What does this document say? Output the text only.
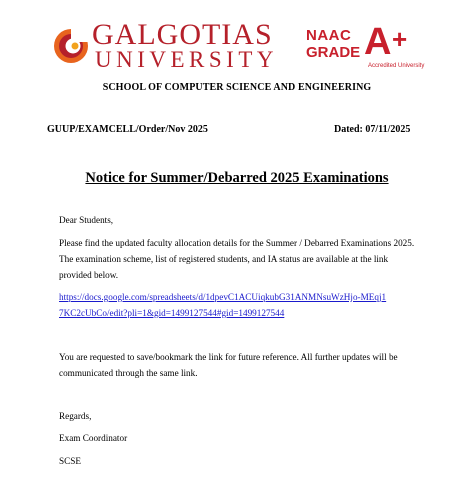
GALGOTIAS
UNIVERSITY
NAAC
GRADE A +
Accredited University
SCHOOL OF COMPUTER SCIENCE AND ENGINEERING
GUUP/EXAMCELL/Order/Nov 2025	Dated: 07/11/2025
Notice for Summer/Debarred 2025 Examinations
Dear Students,
Please find the updated faculty allocation details for the Summer / Debarred Examinations 2025. The examination scheme, list of registered students, and IA status are available at the link provided below.
https://docs.google.com/spreadsheets/d/1dpevC1ACUiqkubG31ANMNsuWzHjo-MEqj17KC2cUbCo/edit?pli=1&gid=1499127544#gid=1499127544
You are requested to save/bookmark the link for future reference. All further updates will be communicated through the same link.
Regards,
Exam Coordinator
SCSE
